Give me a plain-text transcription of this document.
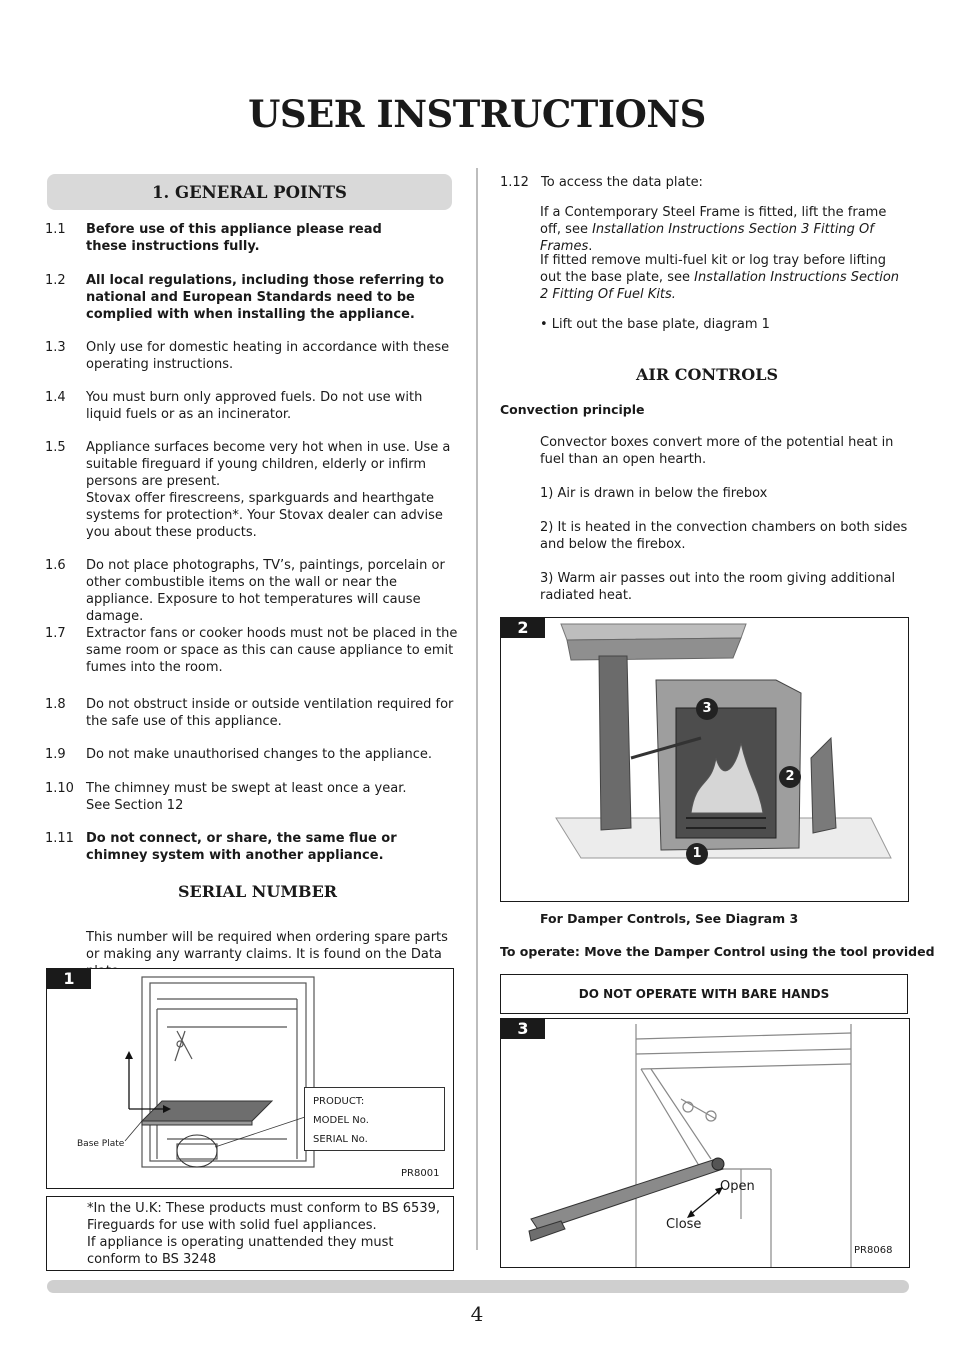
USER INSTRUCTIONS
1. GENERAL POINTS
1.1	Before use of this appliance please read these instructions fully.
1.2	All local regulations, including those referring to national and European Standards need to be complied with when installing the appliance.
1.3	Only use for domestic heating in accordance with these operating instructions.
1.4	You must burn only approved fuels. Do not use with liquid fuels or as an incinerator.
1.5	Appliance surfaces become very hot when in use. Use a suitable fireguard if young children, elderly or infirm persons are present.
Stovax offer firescreens, sparkguards and hearthgate systems for protection*. Your Stovax dealer can advise you about these products.
1.6	Do not place photographs, TV’s, paintings, porcelain or other combustible items on the wall or near the appliance. Exposure to hot temperatures will cause damage.
1.7	Extractor fans or cooker hoods must not be placed in the same room or space as this can cause appliance to emit fumes into the room.
1.8	Do not obstruct inside or outside ventilation required for the safe use of this appliance.
1.9	Do not make unauthorised changes to the appliance.
1.10 The chimney must be swept at least once a year.
See Section 12
1.11 Do not connect, or share, the same flue or chimney system with another appliance.
SERIAL NUMBER
This number will be required when ordering spare parts or making any warranty claims. It is found on the Data
1
Base Plate
PRODUCT:
MODEL No.
SERIAL No.
PR8001
*In the U.K: These products must conform to BS 6539, Fireguards for use with solid fuel appliances.
If appliance is operating unattended they must conform to BS 3248
1.12 To access the data plate:
If a Contemporary Steel Frame is fitted, lift the frame off, see Installation Instructions Section 3 Fitting Of Frames.
If fitted remove multi-fuel kit or log tray before lifting out the base plate, see Installation Instructions Section 2 Fitting Of Fuel Kits.
• Lift out the base plate, diagram 1
AIR CONTROLS
Convection principle
Convector boxes convert more of the potential heat in fuel than an open hearth.
1) Air is drawn in below the firebox
2) It is heated in the convection chambers on both sides and below the firebox.
3) Warm air passes out into the room giving additional radiated heat.
2
1
2
3
For Damper Controls, See Diagram 3
To operate: Move the Damper Control using the tool provided
DO NOT OPERATE WITH BARE HANDS
3
Open
Close
PR8068
4
